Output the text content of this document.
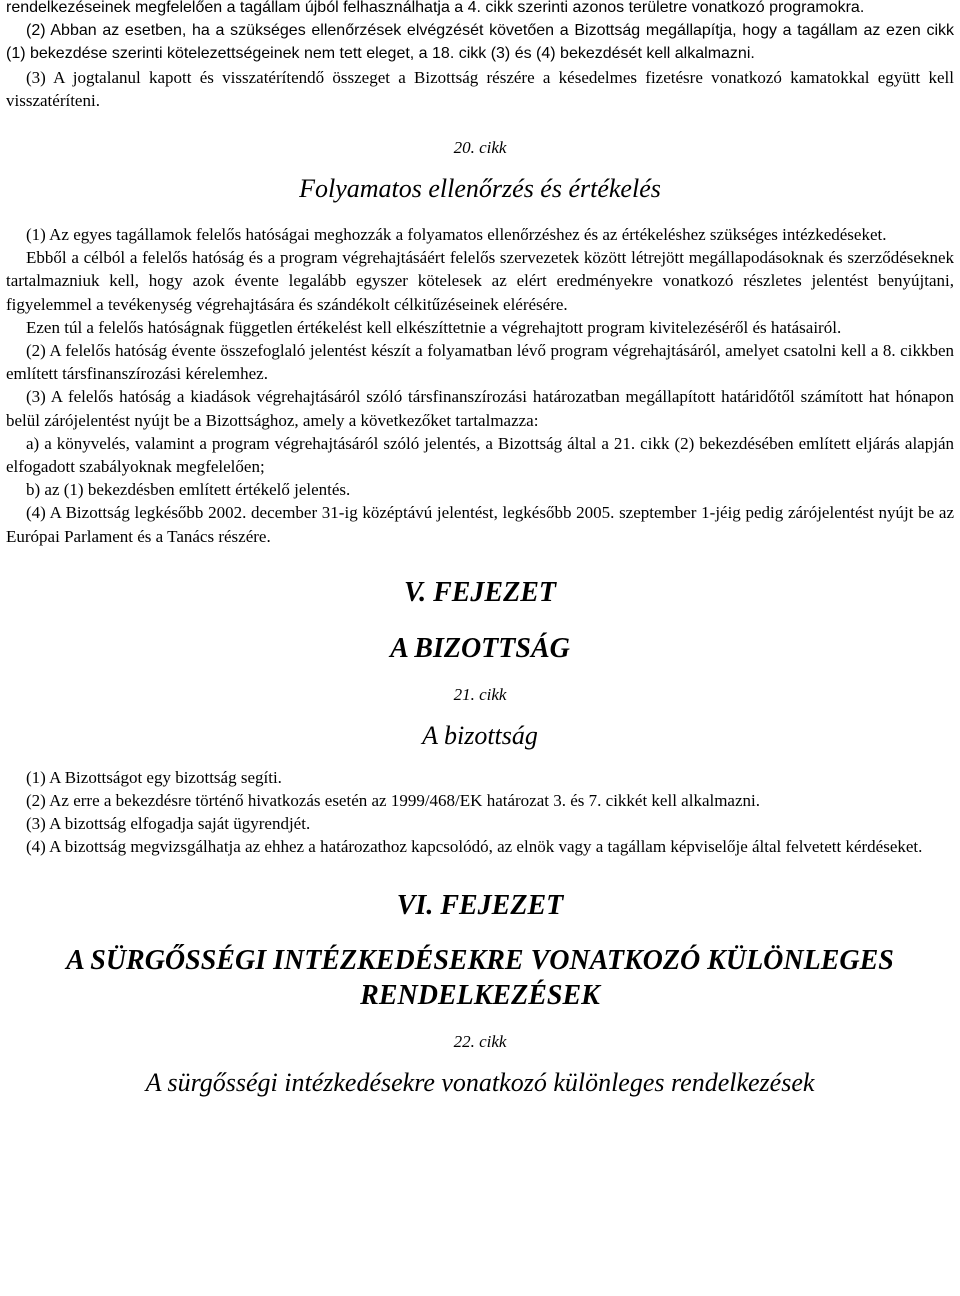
rendelkezéseinek megfelelően a tagállam újból felhasználhatja a 4. cikk szerinti azonos területre vonatkozó programokra.

(2) Abban az esetben, ha a szükséges ellenőrzések elvégzését követően a Bizottság megállapítja, hogy a tagállam az ezen cikk (1) bekezdése szerinti kötelezettségeinek nem tett eleget, a 18. cikk (3) és (4) bekezdését kell alkalmazni.

(3) A jogtalanul kapott és visszatérítendő összeget a Bizottság részére a késedelmes fizetésre vonatkozó kamatokkal együtt kell visszatéríteni.

20. cikk

Folyamatos ellenőrzés és értékelés

(1) Az egyes tagállamok felelős hatóságai meghozzák a folyamatos ellenőrzéshez és az értékeléshez szükséges intézkedéseket.

Ebből a célból a felelős hatóság és a program végrehajtásáért felelős szervezetek között létrejött megállapodásoknak és szerződéseknek tartalmazniuk kell, hogy azok évente legalább egyszer kötelesek az elért eredményekre vonatkozó részletes jelentést benyújtani, figyelemmel a tevékenység végrehajtására és szándékolt célkitűzéseinek elérésére.

Ezen túl a felelős hatóságnak független értékelést kell elkészíttetnie a végrehajtott program kivitelezéséről és hatásairól.

(2) A felelős hatóság évente összefoglaló jelentést készít a folyamatban lévő program végrehajtásáról, amelyet csatolni kell a 8. cikkben említett társfinanszírozási kérelemhez.

(3) A felelős hatóság a kiadások végrehajtásáról szóló társfinanszírozási határozatban megállapított határidőtől számított hat hónapon belül zárójelentést nyújt be a Bizottsághoz, amely a következőket tartalmazza:

a) a könyvelés, valamint a program végrehajtásáról szóló jelentés, a Bizottság által a 21. cikk (2) bekezdésében említett eljárás alapján elfogadott szabályoknak megfelelően;

b) az (1) bekezdésben említett értékelő jelentés.

(4) A Bizottság legkésőbb 2002. december 31-ig középtávú jelentést, legkésőbb 2005. szeptember 1-jéig pedig zárójelentést nyújt be az Európai Parlament és a Tanács részére.

V. FEJEZET

A BIZOTTSÁG

21. cikk

A bizottság

(1) A Bizottságot egy bizottság segíti.

(2) Az erre a bekezdésre történő hivatkozás esetén az 1999/468/EK határozat 3. és 7. cikkét kell alkalmazni.

(3) A bizottság elfogadja saját ügyrendjét.

(4) A bizottság megvizsgálhatja az ehhez a határozathoz kapcsolódó, az elnök vagy a tagállam képviselője által felvetett kérdéseket.

VI. FEJEZET

A SÜRGŐSSÉGI INTÉZKEDÉSEKRE VONATKOZÓ KÜLÖNLEGES

RENDELKEZÉSEK

22. cikk

A sürgősségi intézkedésekre vonatkozó különleges rendelkezések
